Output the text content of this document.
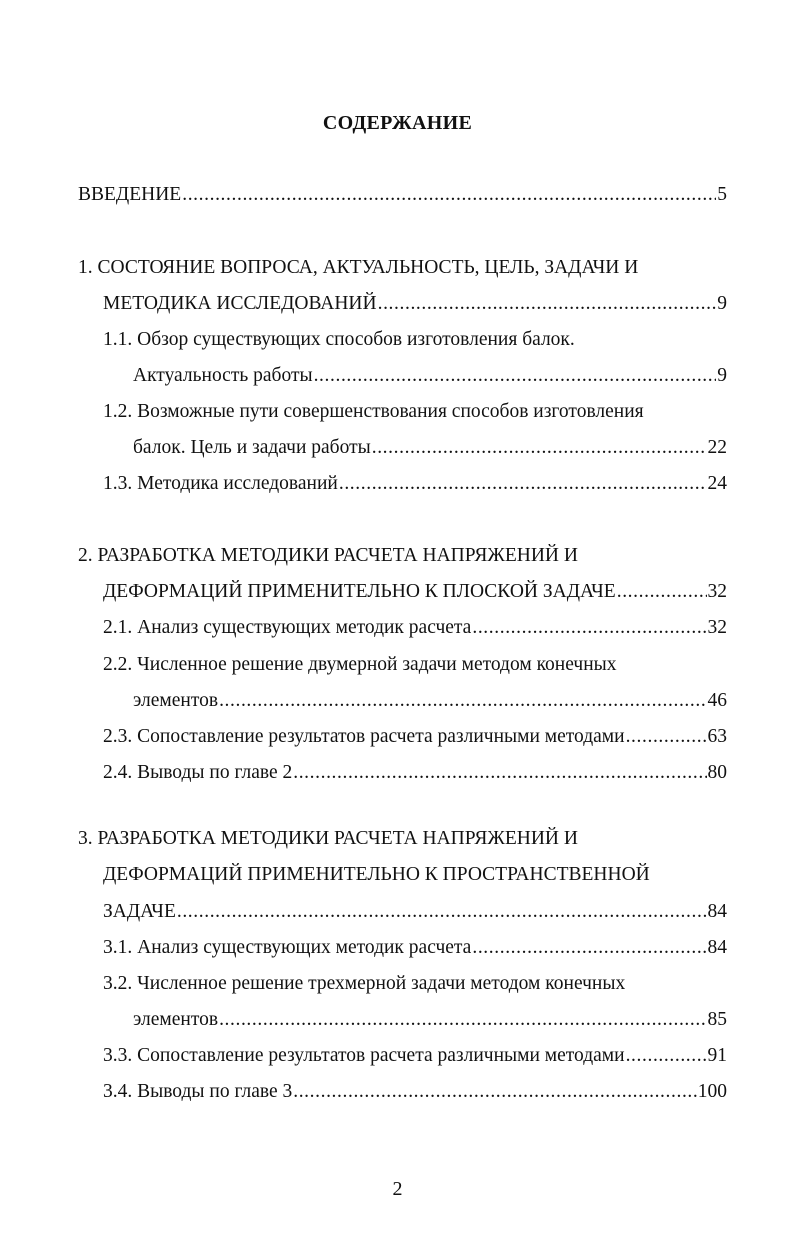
СОДЕРЖАНИЕ
ВВЕДЕНИЕ .....	5
1. СОСТОЯНИЕ ВОПРОСА, АКТУАЛЬНОСТЬ, ЦЕЛЬ, ЗАДАЧИ И
МЕТОДИКА ИССЛЕДОВАНИЙ .....	9
1.1. Обзор существующих способов изготовления балок.
Актуальность работы .....	9
1.2. Возможные пути совершенствования способов изготовления
балок. Цель и задачи работы .....	22
1.3. Методика исследований .....	24
2. РАЗРАБОТКА МЕТОДИКИ РАСЧЕТА НАПРЯЖЕНИЙ И
ДЕФОРМАЦИЙ ПРИМЕНИТЕЛЬНО К ПЛОСКОЙ ЗАДАЧЕ .....	32
2.1. Анализ существующих методик расчета .....	32
2.2. Численное решение двумерной задачи методом конечных
элементов .....	46
2.3. Сопоставление результатов расчета различными методами .....	63
2.4. Выводы по главе 2 .....	80
3. РАЗРАБОТКА МЕТОДИКИ РАСЧЕТА НАПРЯЖЕНИЙ И
ДЕФОРМАЦИЙ ПРИМЕНИТЕЛЬНО К ПРОСТРАНСТВЕННОЙ
ЗАДАЧЕ .....	84
3.1. Анализ существующих методик расчета .....	84
3.2. Численное решение трехмерной задачи методом конечных
элементов .....	85
3.3. Сопоставление результатов расчета различными методами .....	91
3.4. Выводы по главе 3 .....	100
2
